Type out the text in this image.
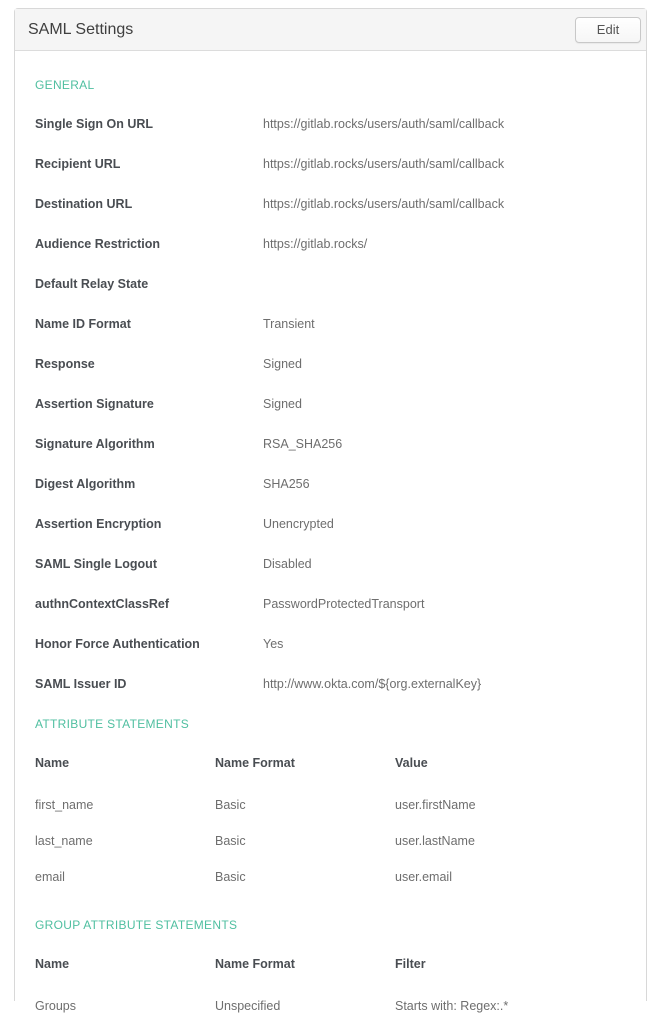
SAML Settings	Edit
GENERAL
Single Sign On URL	https://gitlab.rocks/users/auth/saml/callback
Recipient URL	https://gitlab.rocks/users/auth/saml/callback
Destination URL	https://gitlab.rocks/users/auth/saml/callback
Audience Restriction	https://gitlab.rocks/
Default Relay State
Name ID Format	Transient
Response	Signed
Assertion Signature	Signed
Signature Algorithm	RSA_SHA256
Digest Algorithm	SHA256
Assertion Encryption	Unencrypted
SAML Single Logout	Disabled
authnContextClassRef	PasswordProtectedTransport
Honor Force Authentication	Yes
SAML Issuer ID	http://www.okta.com/${org.externalKey}
ATTRIBUTE STATEMENTS
Name	Name Format	Value
first_name	Basic	user.firstName
last_name	Basic	user.lastName
email	Basic	user.email
GROUP ATTRIBUTE STATEMENTS
Name	Name Format	Filter
Groups	Unspecified	Starts with: Regex:.*
